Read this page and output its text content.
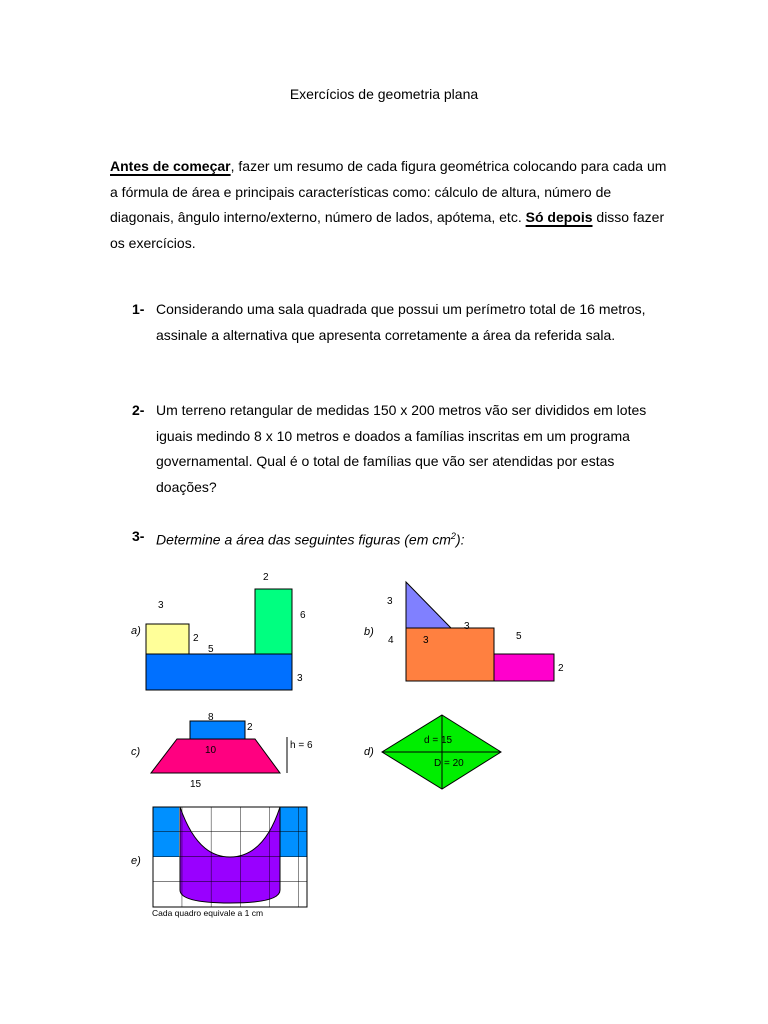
Exercícios de geometria plana
Antes de começar, fazer um resumo de cada figura geométrica colocando para cada um a fórmula de área e principais características como: cálculo de altura, número de diagonais, ângulo interno/externo, número de lados, apótema, etc. Só depois disso fazer os exercícios.
1- Considerando uma sala quadrada que possui um perímetro total de 16 metros, assinale a alternativa que apresenta corretamente a área da referida sala.
2- Um terreno retangular de medidas 150 x 200 metros vão ser divididos em lotes iguais medindo 8 x 10 metros e doados a famílias inscritas em um programa governamental. Qual é o total de famílias que vão ser atendidas por estas doações?
3- Determine a área das seguintes figuras (em $cm^2$):
a)
3
2
5
2
6
3
b)
3
3
4	3	5
2
c)
8
2
10
15
h = 6
d)
d = 15
D = 20
e)
Cada quadro equivale a 1 cm
